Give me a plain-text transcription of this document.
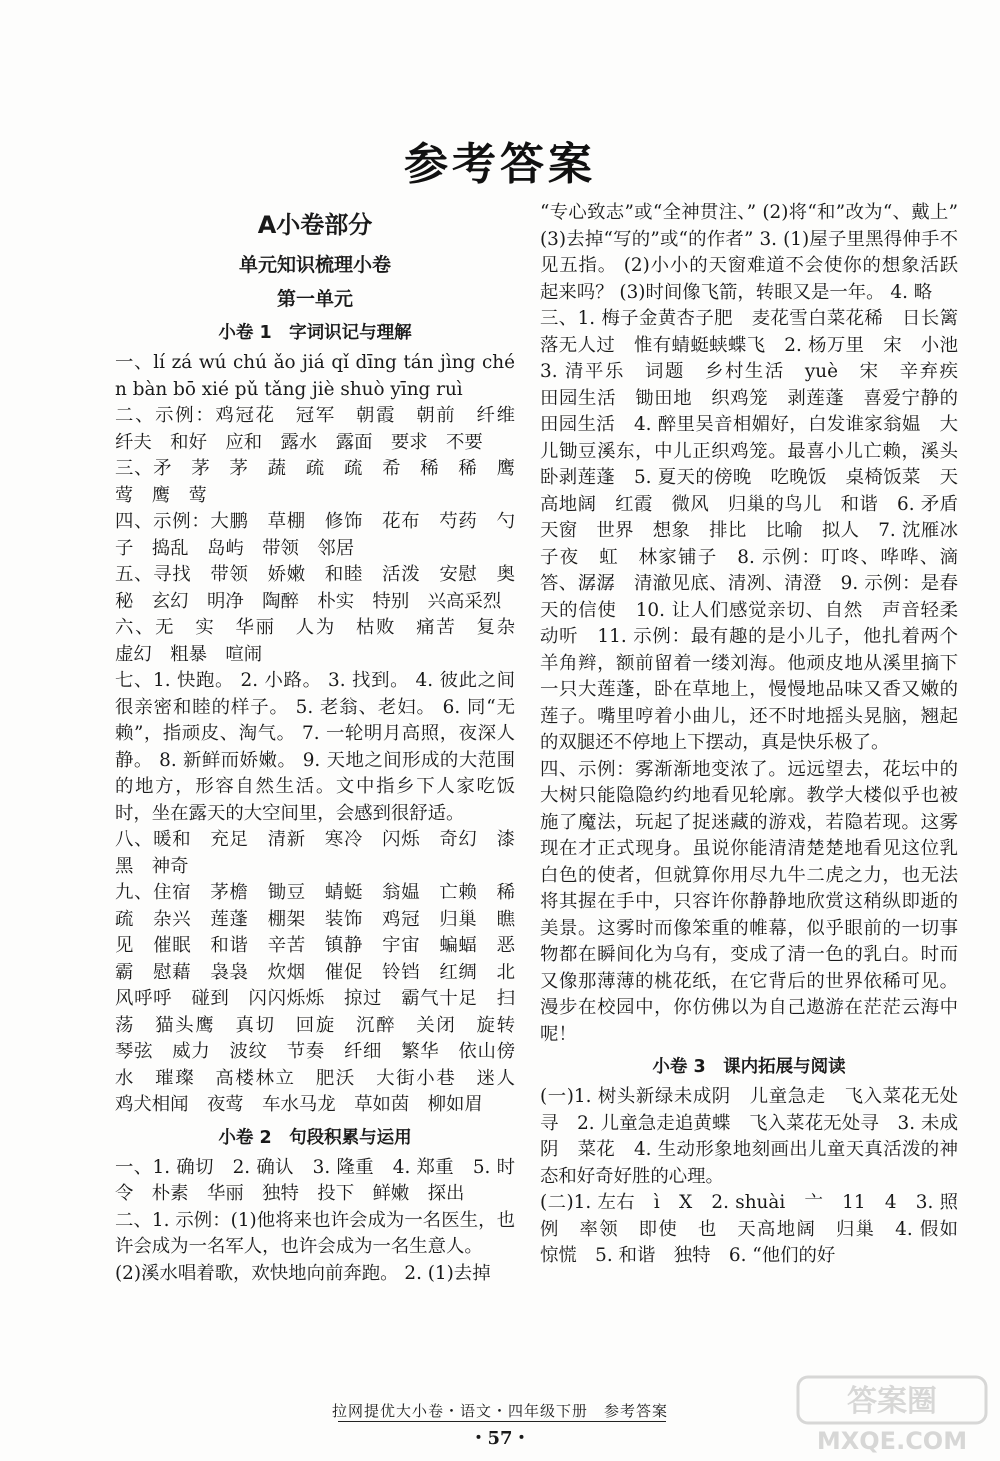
参考答案
A小卷部分
单元知识梳理小卷
第一单元
小卷 1　字词识记与理解

一、lí zá wú chú ǎo jiá qǐ dīng tán jìng chén bàn bō xié pǔ tǎng jiè shuò yīng ruì

二、示例：鸡冠花　冠军　朝霞　朝前　纤维　纤夫　和好　应和　露水　露面　要求　不要

三、矛　茅　茅　蔬　疏　疏　希　稀　稀　鹰　莺　鹰　莺

四、示例：大鹏　草棚　修饰　花布　芍药　勺子　捣乱　岛屿　带领　邻居

五、寻找　带领　娇嫩　和睦　活泼　安慰　奥秘　玄幻　明净　陶醉　朴实　特别　兴高采烈

六、无　实　华丽　人为　枯败　痛苦　复杂　虚幻　粗暴　喧闹

七、1. 快跑。 2. 小路。 3. 找到。 4. 彼此之间很亲密和睦的样子。 5. 老翁、老妇。 6. 同“无赖”，指顽皮、淘气。 7. 一轮明月高照，夜深人静。 8. 新鲜而娇嫩。 9. 天地之间形成的大范围的地方，形容自然生活。文中指乡下人家吃饭时，坐在露天的大空间里，会感到很舒适。

八、暖和　充足　清新　寒冷　闪烁　奇幻　漆黑　神奇

九、住宿　茅檐　锄豆　蜻蜓　翁媪　亡赖　稀疏　杂兴　莲蓬　棚架　装饰　鸡冠　归巢　瞧见　催眠　和谐　辛苦　镇静　宇宙　蝙蝠　恶霸　慰藉　袅袅　炊烟　催促　铃铛　红绸　北风呼呼　碰到　闪闪烁烁　掠过　霸气十足　扫荡　猫头鹰　真切　回旋　沉醉　关闭　旋转　琴弦　威力　波纹　节奏　纤细　繁华　依山傍水　璀璨　高楼林立　肥沃　大街小巷　迷人　鸡犬相闻　夜莺　车水马龙　草如茵　柳如眉

小卷 2　句段积累与运用

一、1. 确切　2. 确认　3. 隆重　4. 郑重　5. 时令　朴素　华丽　独特　投下　鲜嫩　探出

二、1. 示例：(1)他将来也许会成为一名医生，也许会成为一名军人，也许会成为一名生意人。

(2)溪水唱着歌，欢快地向前奔跑。 2. (1)去掉

“专心致志”或“全神贯注、” (2)将“和”改为“、戴上” (3)去掉“写的”或“的作者” 3. (1)屋子里黑得伸手不见五指。 (2)小小的天窗难道不会使你的想象活跃起来吗？ (3)时间像飞箭，转眼又是一年。 4. 略

三、1. 梅子金黄杏子肥　麦花雪白菜花稀　日长篱落无人过　惟有蜻蜓蛱蝶飞　2. 杨万里　宋　小池　3. 清平乐　词题　乡村生活　yuè　宋　辛弃疾　田园生活　锄田地　织鸡笼　剥莲蓬　喜爱宁静的田园生活　4. 醉里吴音相媚好，白发谁家翁媪　大儿锄豆溪东，中儿正织鸡笼。最喜小儿亡赖，溪头卧剥莲蓬　5. 夏天的傍晚　吃晚饭　桌椅饭菜　天高地阔　红霞　微风　归巢的鸟儿　和谐　6. 矛盾　天窗　世界　想象　排比　比喻　拟人　7. 沈雁冰　子夜　虹　林家铺子　8. 示例：叮咚、哗哗、滴答、潺潺　清澈见底、清冽、清澄　9. 示例：是春天的信使　10. 让人们感觉亲切、自然　声音轻柔动听　11. 示例：最有趣的是小儿子，他扎着两个羊角辫，额前留着一缕刘海。他顽皮地从溪里摘下一只大莲蓬，卧在草地上，慢慢地品味又香又嫩的莲子。嘴里哼着小曲儿，还不时地摇头晃脑，翘起的双腿还不停地上下摆动，真是快乐极了。

四、示例：雾渐渐地变浓了。远远望去，花坛中的大树只能隐隐约约地看见轮廓。教学大楼似乎也被施了魔法，玩起了捉迷藏的游戏，若隐若现。这雾现在才正式现身。虽说你能清清楚楚地看见这位乳白色的使者，但就算你用尽九牛二虎之力，也无法将其握在手中，只容许你静静地欣赏这稍纵即逝的美景。这雾时而像笨重的帷幕，似乎眼前的一切事物都在瞬间化为乌有，变成了清一色的乳白。时而又像那薄薄的桃花纸，在它背后的世界依稀可见。漫步在校园中，你仿佛以为自己遨游在茫茫云海中呢！

小卷 3　课内拓展与阅读

(一)1. 树头新绿未成阴　儿童急走　飞入菜花无处寻　2. 儿童急走追黄蝶　飞入菜花无处寻　3. 未成阴　菜花　4. 生动形象地刻画出儿童天真活泼的神态和好奇好胜的心理。

(二)1. 左右　ì　X　2. shuài　亠　11　4　3. 照例　率领　即使　也　天高地阔　归巢　4. 假如　惊慌　5. 和谐　独特　6. “他们的好

拉网提优大小卷・语文・四年级下册　参考答案
・57・
答案圈
MXQE.COM
